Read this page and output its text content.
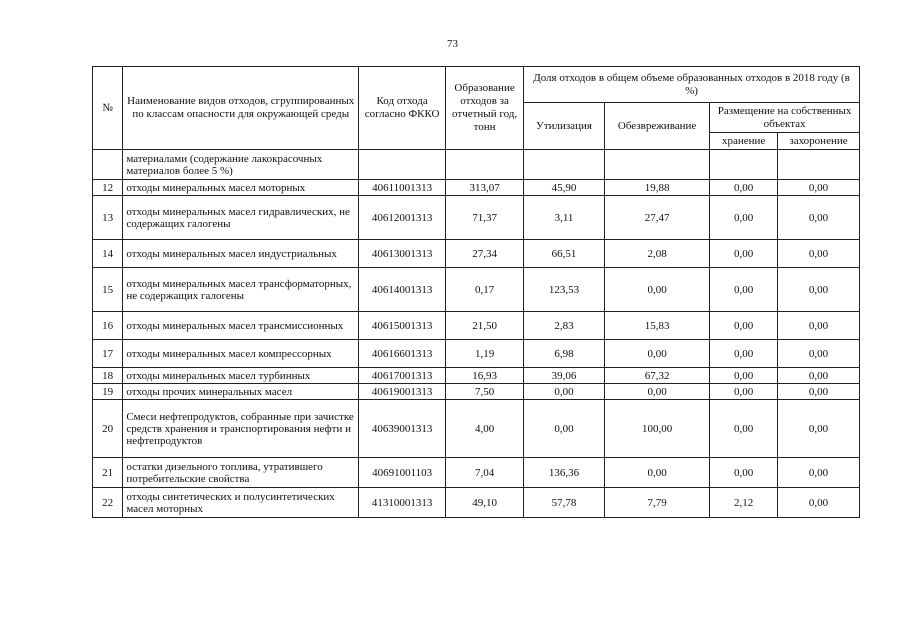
73
№	Наименование видов отходов, сгруппированных по классам опасности для окружающей среды	Код отхода согласно ФККО	Образование отходов за отчетный год, тонн	Доля отходов в общем объеме образованных отходов в 2018 году (в %)			
				Утилизация	Обезвреживание	Размещение на собственных объектах	
						хранение	захоронение
	материалами (содержание лакокрасочных материалов более 5 %)						
12	отходы минеральных масел моторных	40611001313	313,07	45,90	19,88	0,00	0,00
13	отходы минеральных масел гидравлических, не содержащих галогены	40612001313	71,37	3,11	27,47	0,00	0,00
14	отходы минеральных масел индустриальных	40613001313	27,34	66,51	2,08	0,00	0,00
15	отходы минеральных масел трансформаторных, не содержащих галогены	40614001313	0,17	123,53	0,00	0,00	0,00
16	отходы минеральных масел трансмиссионных	40615001313	21,50	2,83	15,83	0,00	0,00
17	отходы минеральных масел компрессорных	40616601313	1,19	6,98	0,00	0,00	0,00
18	отходы минеральных масел турбинных	40617001313	16,93	39,06	67,32	0,00	0,00
19	отходы прочих минеральных масел	40619001313	7,50	0,00	0,00	0,00	0,00
20	Смеси нефтепродуктов, собранные при зачистке средств хранения и транспортирования нефти и нефтепродуктов	40639001313	4,00	0,00	100,00	0,00	0,00
21	остатки дизельного топлива, утратившего потребительские свойства	40691001103	7,04	136,36	0,00	0,00	0,00
22	отходы синтетических и полусинтетических масел моторных	41310001313	49,10	57,78	7,79	2,12	0,00
